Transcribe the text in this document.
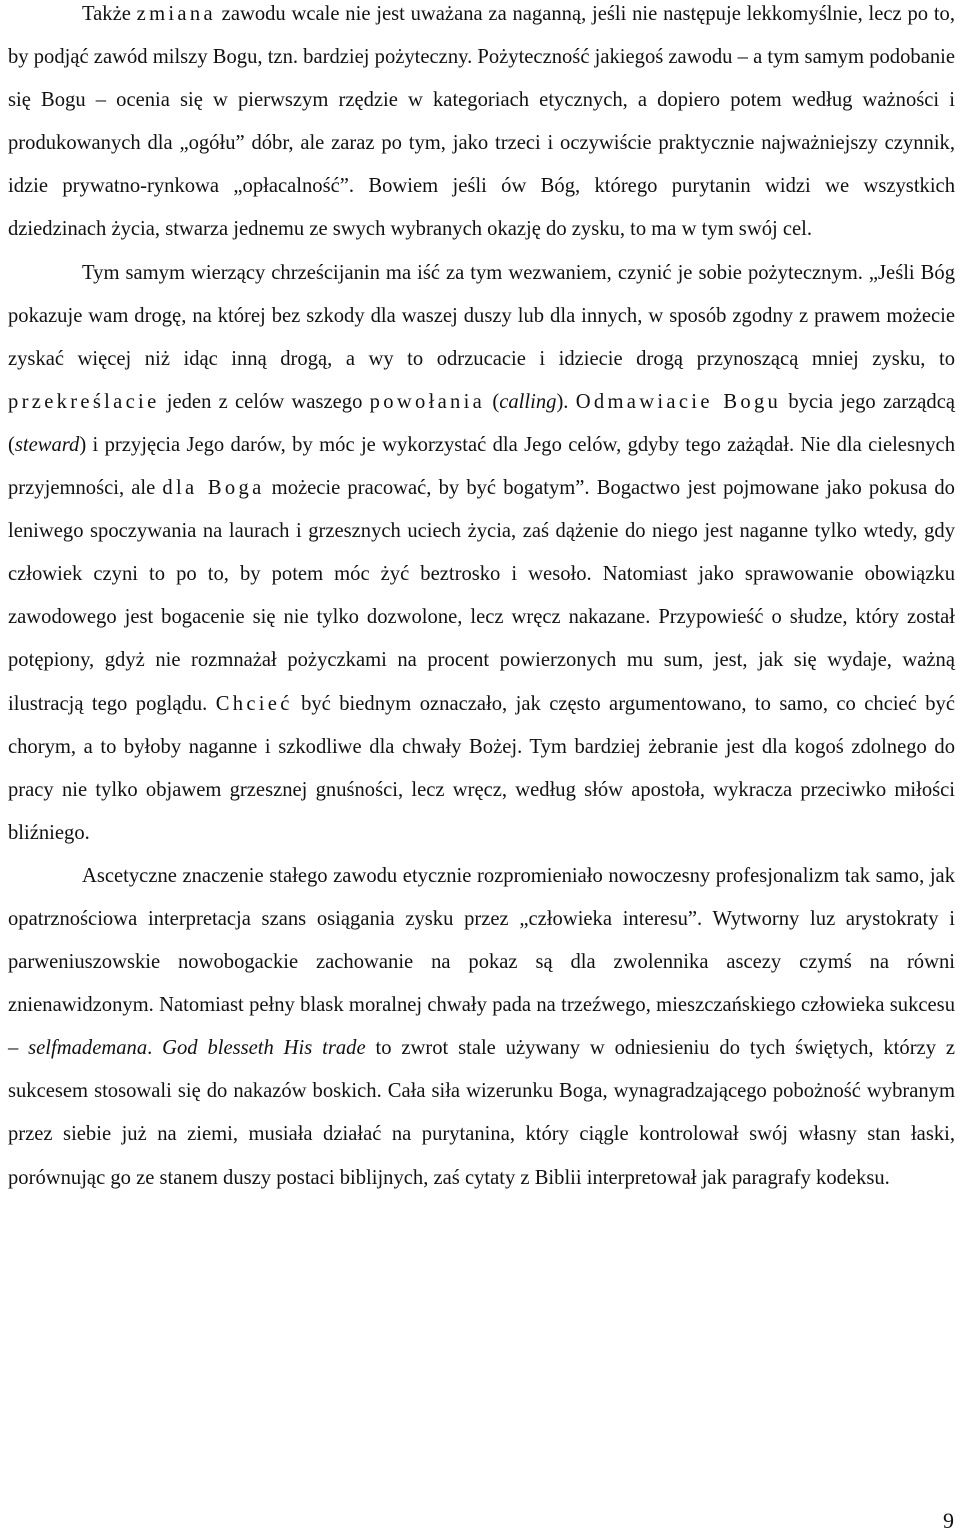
Także zmiana zawodu wcale nie jest uważana za naganną, jeśli nie następuje lekkomyślnie, lecz po to, by podjąć zawód milszy Bogu, tzn. bardziej pożyteczny. Pożyteczność jakiegoś zawodu – a tym samym podobanie się Bogu – ocenia się w pierwszym rzędzie w kategoriach etycznych, a dopiero potem według ważności i produkowanych dla „ogółu” dóbr, ale zaraz po tym, jako trzeci i oczywiście praktycznie najważniejszy czynnik, idzie prywatno-rynkowa „opłacalność”. Bowiem jeśli ów Bóg, którego purytanin widzi we wszystkich dziedzinach życia, stwarza jednemu ze swych wybranych okazję do zysku, to ma w tym swój cel.

Tym samym wierzący chrześcijanin ma iść za tym wezwaniem, czynić je sobie pożytecznym. „Jeśli Bóg pokazuje wam drogę, na której bez szkody dla waszej duszy lub dla innych, w sposób zgodny z prawem możecie zyskać więcej niż idąc inną drogą, a wy to odrzucacie i idziecie drogą przynoszącą mniej zysku, to przekreślacie jeden z celów waszego powołania (calling). Odmawiacie Bogu bycia jego zarządcą (steward) i przyjęcia Jego darów, by móc je wykorzystać dla Jego celów, gdyby tego zażądał. Nie dla cielesnych przyjemności, ale dla Boga możecie pracować, by być bogatym”. Bogactwo jest pojmowane jako pokusa do leniwego spoczywania na laurach i grzesznych uciech życia, zaś dążenie do niego jest naganne tylko wtedy, gdy człowiek czyni to po to, by potem móc żyć beztrosko i wesoło. Natomiast jako sprawowanie obowiązku zawodowego jest bogacenie się nie tylko dozwolone, lecz wręcz nakazane. Przypowieść o słudze, który został potępiony, gdyż nie rozmnażał pożyczkami na procent powierzonych mu sum, jest, jak się wydaje, ważną ilustracją tego poglądu. Chcieć być biednym oznaczało, jak często argumentowano, to samo, co chcieć być chorym, a to byłoby naganne i szkodliwe dla chwały Bożej. Tym bardziej żebranie jest dla kogoś zdolnego do pracy nie tylko objawem grzesznej gnuśności, lecz wręcz, według słów apostoła, wykracza przeciwko miłości bliźniego.

Ascetyczne znaczenie stałego zawodu etycznie rozpromieniało nowoczesny profesjonalizm tak samo, jak opatrznościowa interpretacja szans osiągania zysku przez „człowieka interesu”. Wytworny luz arystokraty i parweniuszowskie nowobogackie zachowanie na pokaz są dla zwolennika ascezy czymś na równi znienawidzonym. Natomiast pełny blask moralnej chwały pada na trzeźwego, mieszczańskiego człowieka sukcesu – selfmademana. God blesseth His trade to zwrot stale używany w odniesieniu do tych świętych, którzy z sukcesem stosowali się do nakazów boskich. Cała siła wizerunku Boga, wynagradzającego pobożność wybranym przez siebie już na ziemi, musiała działać na purytanina, który ciągle kontrolował swój własny stan łaski, porównując go ze stanem duszy postaci biblijnych, zaś cytaty z Biblii interpretował jak paragrafy kodeksu.

9
